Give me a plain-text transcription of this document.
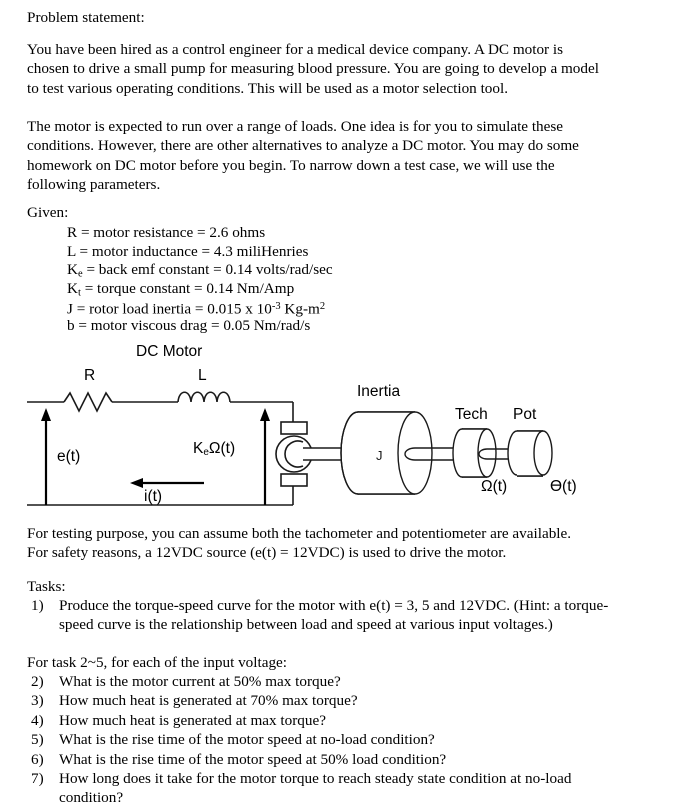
Problem statement:
You have been hired as a control engineer for a medical device company. A DC motor is chosen to drive a small pump for measuring blood pressure. You are going to develop a model to test various operating conditions. This will be used as a motor selection tool.
The motor is expected to run over a range of loads. One idea is for you to simulate these conditions. However, there are other alternatives to analyze a DC motor. You may do some homework on DC motor before you begin. To narrow down a test case, we will use the following parameters.
Given:
R = motor resistance = 2.6 ohms
L = motor inductance = 4.3 miliHenries
$K_e$ = back emf constant = 0.14 volts/rad/sec
$K_t$ = torque constant = 0.14 Nm/Amp
J = rotor load inertia = 0.015 x $10^{-3}$ $Kg-m^2$
b = motor viscous drag = 0.05 Nm/rad/s
DC Motor
R	L
e(t)	$K_e\Omega(t)$
i(t)
Inertia
Tech Pot
Ω(t)	Ө(t)
J
For testing purpose, you can assume both the tachometer and potentiometer are available.
For safety reasons, a 12VDC source (e(t) = 12VDC) is used to drive the motor.
Tasks:
1)	Produce the torque-speed curve for the motor with e(t) = 3, 5 and 12VDC. (Hint: a torque-speed curve is the relationship between load and speed at various input voltages.)
For task 2~5, for each of the input voltage:
2)	What is the motor current at 50% max torque?
3)	How much heat is generated at 70% max torque?
4)	How much heat is generated at max torque?
5)	What is the rise time of the motor speed at no-load condition?
6)	What is the rise time of the motor speed at 50% load condition?
7)	How long does it take for the motor torque to reach steady state condition at no-load condition?
